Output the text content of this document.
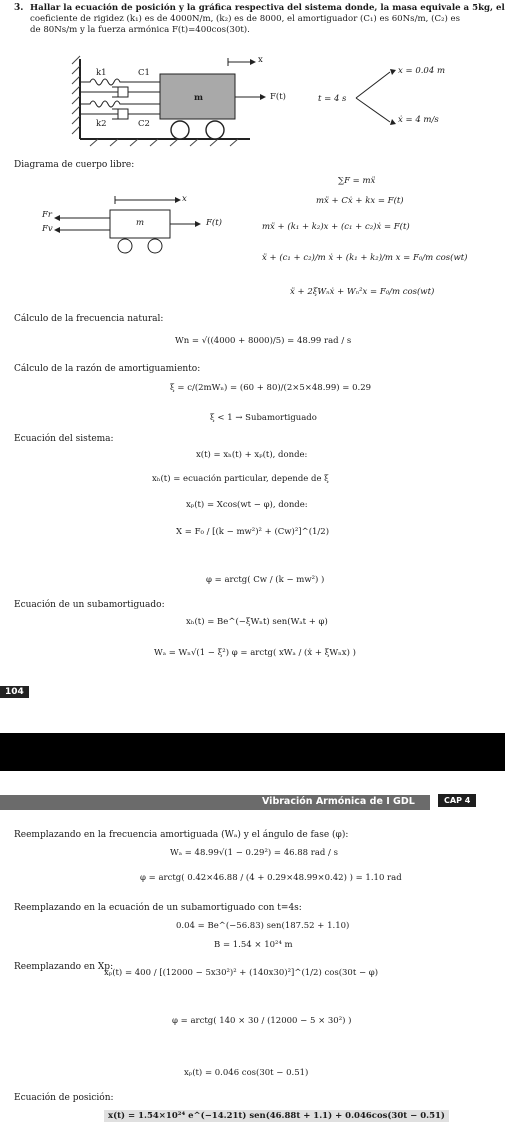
3. Hallar la ecuación de posición y la gráfica respectiva del sistema donde, la masa equivale a 5kg, el
coeficiente de rigidez (k₁) es de 4000N/m, (k₂) es de 8000, el amortiguador (C₁) es 60Ns/m, (C₂) es
de 80Ns/m y la fuerza armónica F(t)=400cos(30t).
k1	C1
k2	C2
m
x
F(t)	t = 4 s
x = 0.04 m
ẋ = 4 m/s
Diagrama de cuerpo libre:
x
Fr
Fv
m	F(t)
∑F = mẍ
mẍ + Cẋ + kx = F(t)
mẍ + (k₁ + k₂)x + (c₁ + c₂)ẋ = F(t)
ẍ + (c₁ + c₂)/m ẋ + (k₁ + k₂)/m x = F₀/m cos(wt)
ẍ + 2ξWₙẋ + Wₙ²x = F₀/m cos(wt)
Cálculo de la frecuencia natural:
Wn = √((4000 + 8000)/5) = 48.99 rad / s
Cálculo de la razón de amortiguamiento:
ξ = c/(2mWₙ) = (60 + 80)/(2×5×48.99) = 0.29
ξ < 1 → Subamortiguado
Ecuación del sistema:
x(t) = xₕ(t) + xₚ(t), donde:
xₕ(t) = ecuación particular, depende de ξ
xₚ(t) = Xcos(wt − φ), donde:
X = F₀ / [(k − mw²)² + (Cw)²]^(1/2)
φ = arctg( Cw / (k − mw²) )
Ecuación de un subamortiguado:
xₕ(t) = Be^(−ξWₙt) sen(Wₐt + φ)
Wₐ = Wₙ√(1 − ξ²) φ = arctg( xWₐ / (ẋ + ξWₙx) )
104
Vibración Armónica de I GDL	CAP 4
Reemplazando en la frecuencia amortiguada (Wₐ) y el ángulo de fase (φ):
Wₐ = 48.99√(1 − 0.29²) = 46.88 rad / s
φ = arctg( 0.42×46.88 / (4 + 0.29×48.99×0.42) ) = 1.10 rad
Reemplazando en la ecuación de un subamortiguado con t=4s:
0.04 = Be^(−56.83) sen(187.52 + 1.10)
B = 1.54 × 10²⁴ m
Reemplazando en Xp:
xₚ(t) = 400 / [(12000 − 5x30²)² + (140x30)²]^(1/2) cos(30t − φ)
φ = arctg( 140 × 30 / (12000 − 5 × 30²) )
xₚ(t) = 0.046 cos(30t − 0.51)
Ecuación de posición:
x(t) = 1.54×10²⁴ e^(−14.21t) sen(46.88t + 1.1) + 0.046cos(30t − 0.51)
